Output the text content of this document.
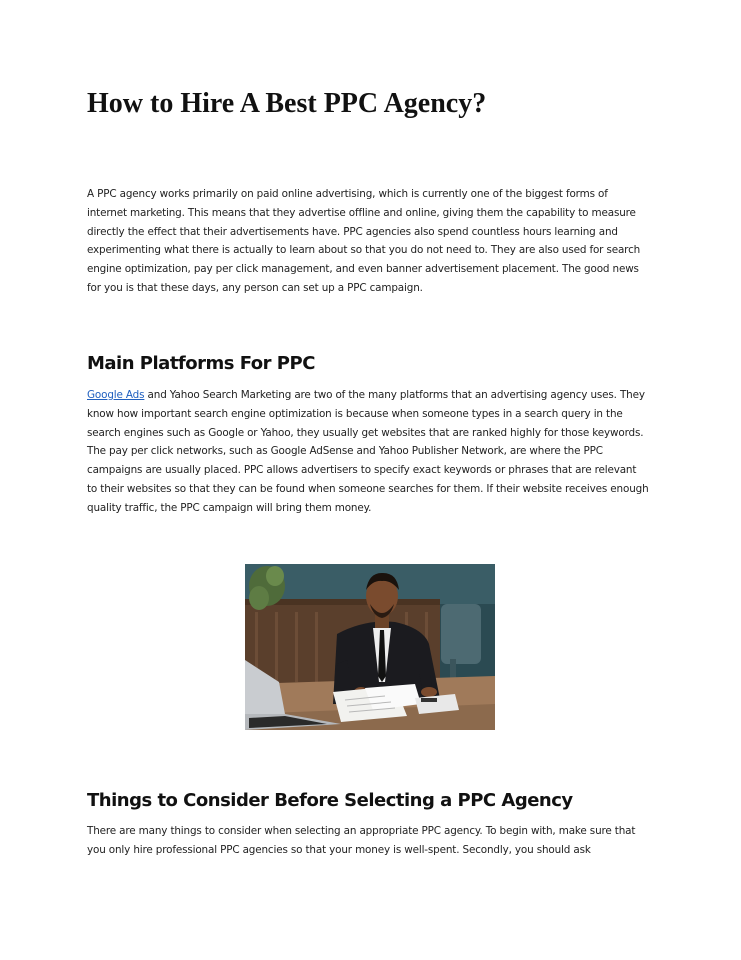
How to Hire A Best PPC Agency?

A PPC agency works primarily on paid online advertising, which is currently one of the biggest forms of internet marketing. This means that they advertise offline and online, giving them the capability to measure directly the effect that their advertisements have. PPC agencies also spend countless hours learning and experimenting what there is actually to learn about so that you do not need to. They are also used for search engine optimization, pay per click management, and even banner advertisement placement. The good news for you is that these days, any person can set up a PPC campaign.

Main Platforms For PPC

Google Ads and Yahoo Search Marketing are two of the many platforms that an advertising agency uses. They know how important search engine optimization is because when someone types in a search query in the search engines such as Google or Yahoo, they usually get websites that are ranked highly for those keywords. The pay per click networks, such as Google AdSense and Yahoo Publisher Network, are where the PPC campaigns are usually placed. PPC allows advertisers to specify exact keywords or phrases that are relevant to their websites so that they can be found when someone searches for them. If their website receives enough quality traffic, the PPC campaign will bring them money.

Things to Consider Before Selecting a PPC Agency

There are many things to consider when selecting an appropriate PPC agency. To begin with, make sure that you only hire professional PPC agencies so that your money is well-spent. Secondly, you should ask
